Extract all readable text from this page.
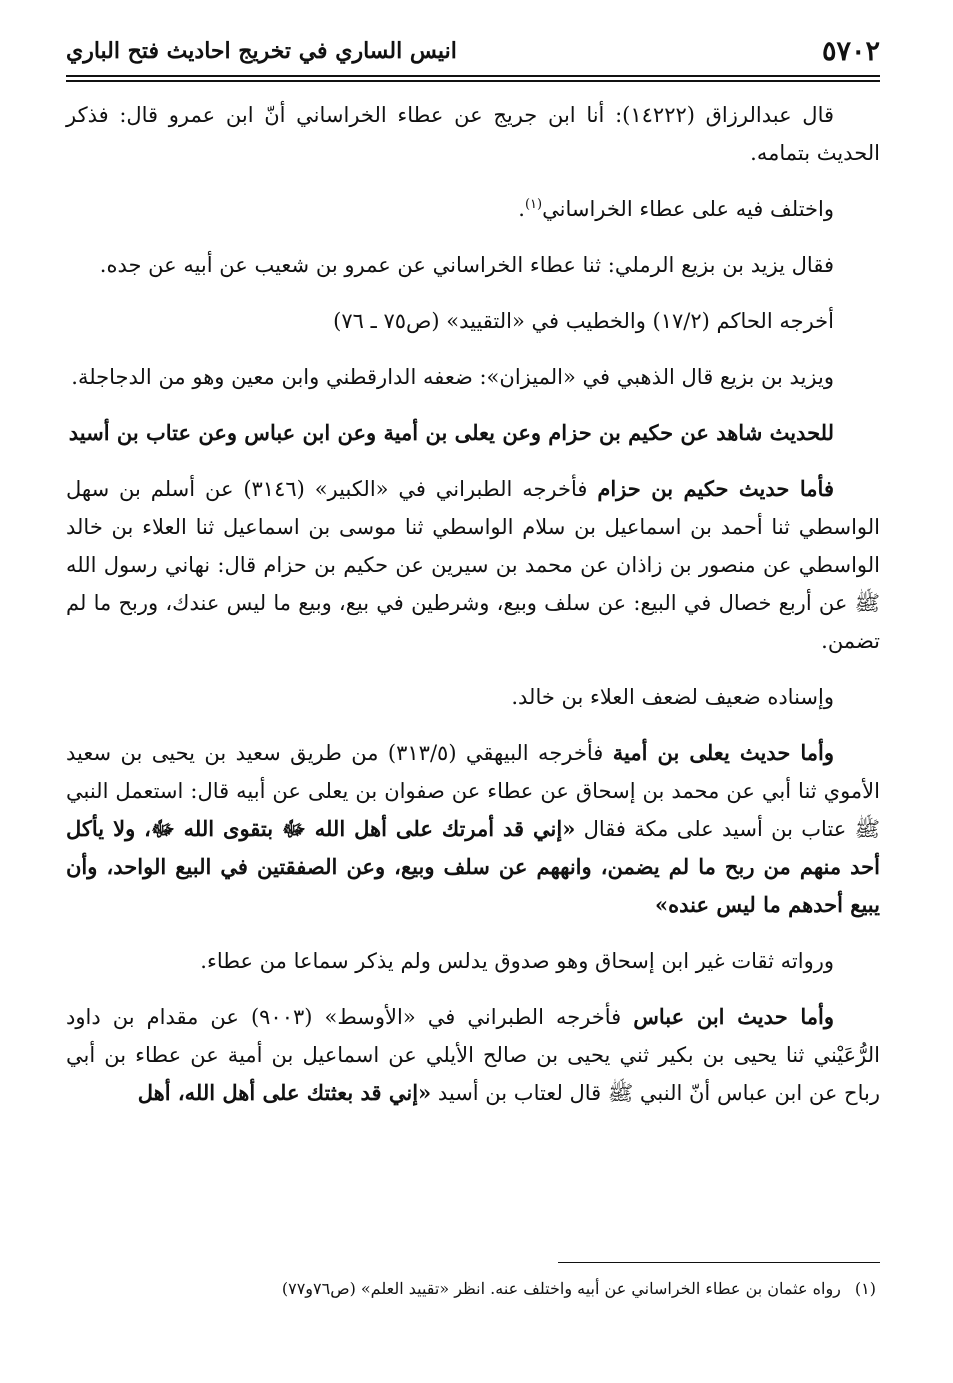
٥٧٠٢
انيس الساري في تخريج احاديث فتح الباري

قال عبدالرزاق (١٤٢٢٢): أنا ابن جريج عن عطاء الخراساني أنّ ابن عمرو قال: فذكر الحديث بتمامه.

واختلف فيه على عطاء الخراساني$^{(١)}$.

فقال يزيد بن بزيع الرملي: ثنا عطاء الخراساني عن عمرو بن شعيب عن أبيه عن جده.

أخرجه الحاكم (١٧/٢) والخطيب في «التقييد» (ص٧٥ ـ ٧٦)

ويزيد بن بزيع قال الذهبي في «الميزان»: ضعفه الدارقطني وابن معين وهو من الدجاجلة.

للحديث شاهد عن حكيم بن حزام وعن يعلى بن أمية وعن ابن عباس وعن عتاب بن أسيد

فأما حديث حكيم بن حزام فأخرجه الطبراني في «الكبير» (٣١٤٦) عن أسلم بن سهل الواسطي ثنا أحمد بن اسماعيل بن سلام الواسطي ثنا موسى بن اسماعيل ثنا العلاء بن خالد الواسطي عن منصور بن زاذان عن محمد بن سيرين عن حكيم بن حزام قال: نهاني رسول الله ﷺ عن أربع خصال في البيع: عن سلف وبيع، وشرطين في بيع، وبيع ما ليس عندك، وربح ما لم تضمن.

وإسناده ضعيف لضعف العلاء بن خالد.

وأما حديث يعلى بن أمية فأخرجه البيهقي (٣١٣/٥) من طريق سعيد بن يحيى بن سعيد الأموي ثنا أبي عن محمد بن إسحاق عن عطاء عن صفوان بن يعلى عن أبيه قال: استعمل النبي ﷺ عتاب بن أسيد على مكة فقال «إني قد أمرتك على أهل الله ﷻ بتقوى الله ﷻ، ولا يأكل أحد منهم من ربح ما لم يضمن، وانههم عن سلف وبيع، وعن الصفقتين في البيع الواحد، وأن يبيع أحدهم ما ليس عنده»

ورواته ثقات غير ابن إسحاق وهو صدوق يدلس ولم يذكر سماعا من عطاء.

وأما حديث ابن عباس فأخرجه الطبراني في «الأوسط» (٩٠٠٣) عن مقدام بن داود الرُّعَيْني ثنا يحيى بن بكير ثني يحيى بن صالح الأيلي عن اسماعيل بن أمية عن عطاء بن أبي رباح عن ابن عباس أنّ النبي ﷺ قال لعتاب بن أسيد «إني قد بعثتك على أهل الله، أهل

(١)رواه عثمان بن عطاء الخراساني عن أبيه واختلف عنه. انظر «تقييد العلم» (ص٧٦و٧٧)
